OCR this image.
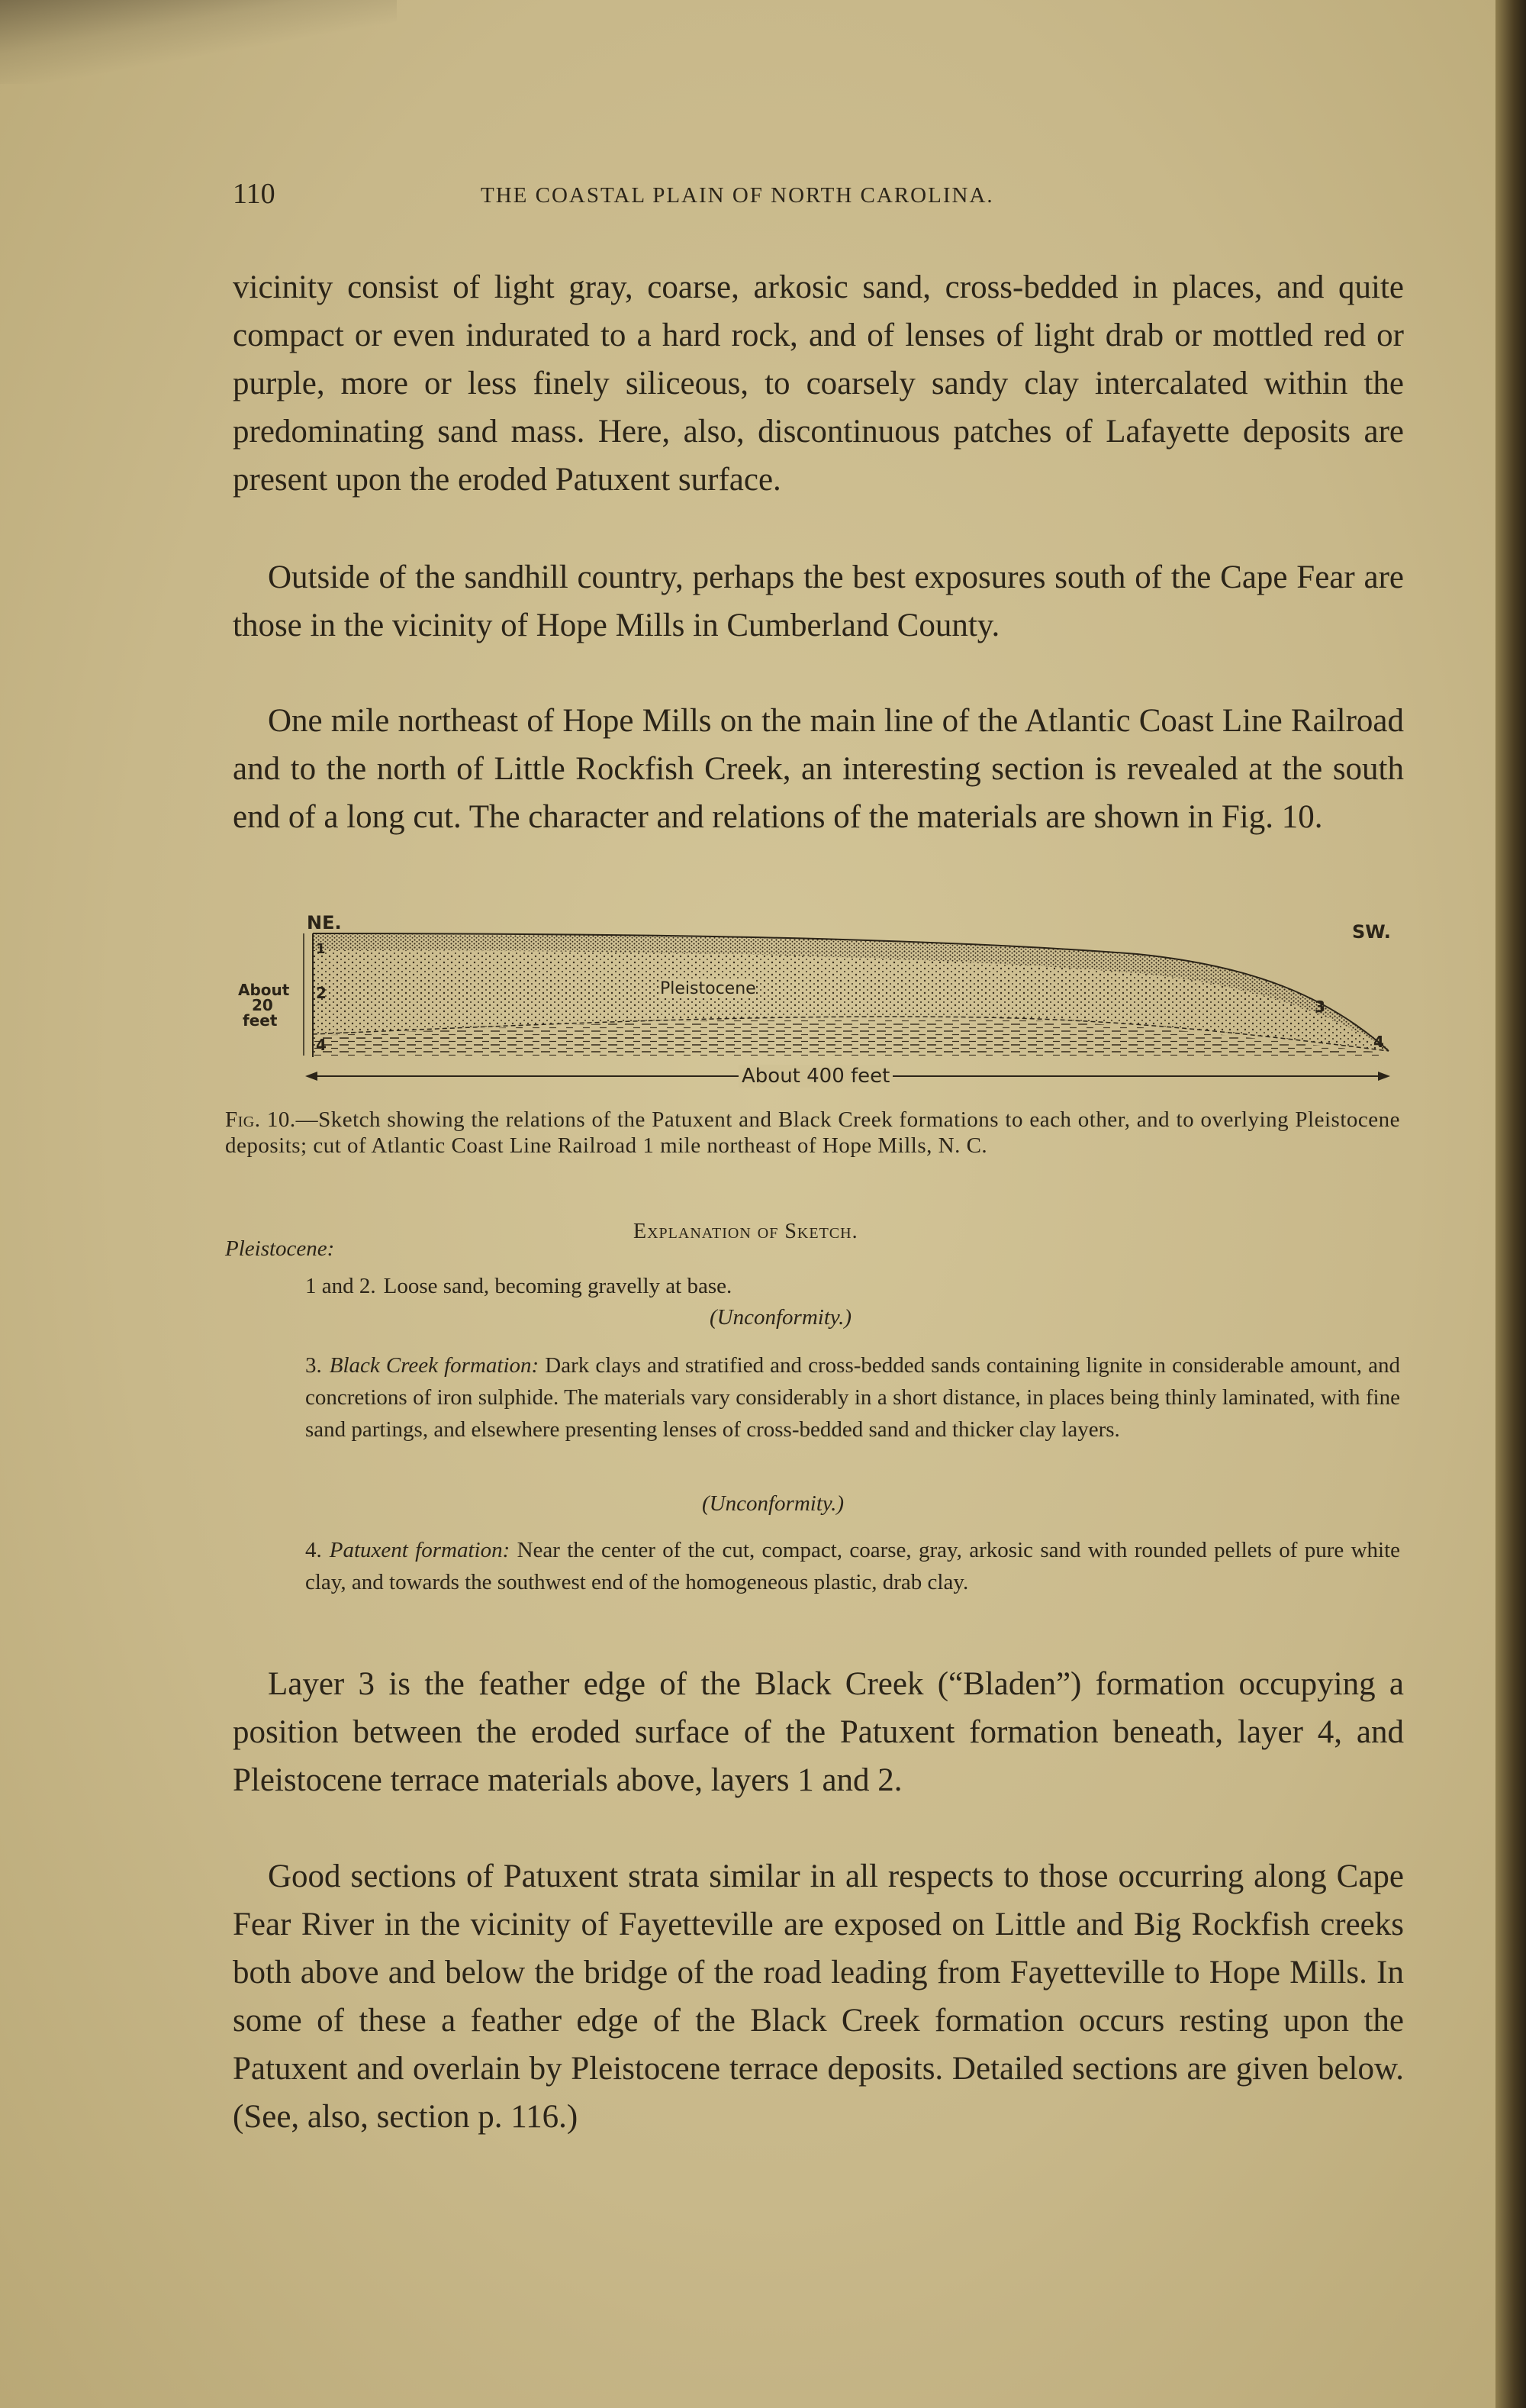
110	THE COASTAL PLAIN OF NORTH CAROLINA.

vicinity consist of light gray, coarse, arkosic sand, cross-bedded in places, and quite compact or even indurated to a hard rock, and of lenses of light drab or mottled red or purple, more or less finely siliceous, to coarsely sandy clay intercalated within the predominating sand mass. Here, also, discontinuous patches of Lafayette deposits are present upon the eroded Patuxent surface.

Outside of the sandhill country, perhaps the best exposures south of the Cape Fear are those in the vicinity of Hope Mills in Cumberland County.

One mile northeast of Hope Mills on the main line of the Atlantic Coast Line Railroad and to the north of Little Rockfish Creek, an interesting section is revealed at the south end of a long cut. The character and relations of the materials are shown in Fig. 10.

NE.	SW.
About
20
feet
1
2
3
4
4
Pleistocene
About 400 feet

Fig. 10.—Sketch showing the relations of the Patuxent and Black Creek formations to each other, and to overlying Pleistocene deposits; cut of Atlantic Coast Line Railroad 1 mile northeast of Hope Mills, N. C.

Explanation of Sketch.
Pleistocene:

1 and 2. Loose sand, becoming gravelly at base.

(Unconformity.)

3. Black Creek formation: Dark clays and stratified and cross-bedded sands containing lignite in considerable amount, and concretions of iron sulphide. The materials vary considerably in a short distance, in places being thinly laminated, with fine sand partings, and elsewhere presenting lenses of cross-bedded sand and thicker clay layers.

(Unconformity.)

4. Patuxent formation: Near the center of the cut, compact, coarse, gray, arkosic sand with rounded pellets of pure white clay, and towards the southwest end of the homogeneous plastic, drab clay.

Layer 3 is the feather edge of the Black Creek (“Bladen”) formation occupying a position between the eroded surface of the Patuxent formation beneath, layer 4, and Pleistocene terrace materials above, layers 1 and 2.

Good sections of Patuxent strata similar in all respects to those occurring along Cape Fear River in the vicinity of Fayetteville are exposed on Little and Big Rockfish creeks both above and below the bridge of the road leading from Fayetteville to Hope Mills. In some of these a feather edge of the Black Creek formation occurs resting upon the Patuxent and overlain by Pleistocene terrace deposits. Detailed sections are given below. (See, also, section p. 116.)
